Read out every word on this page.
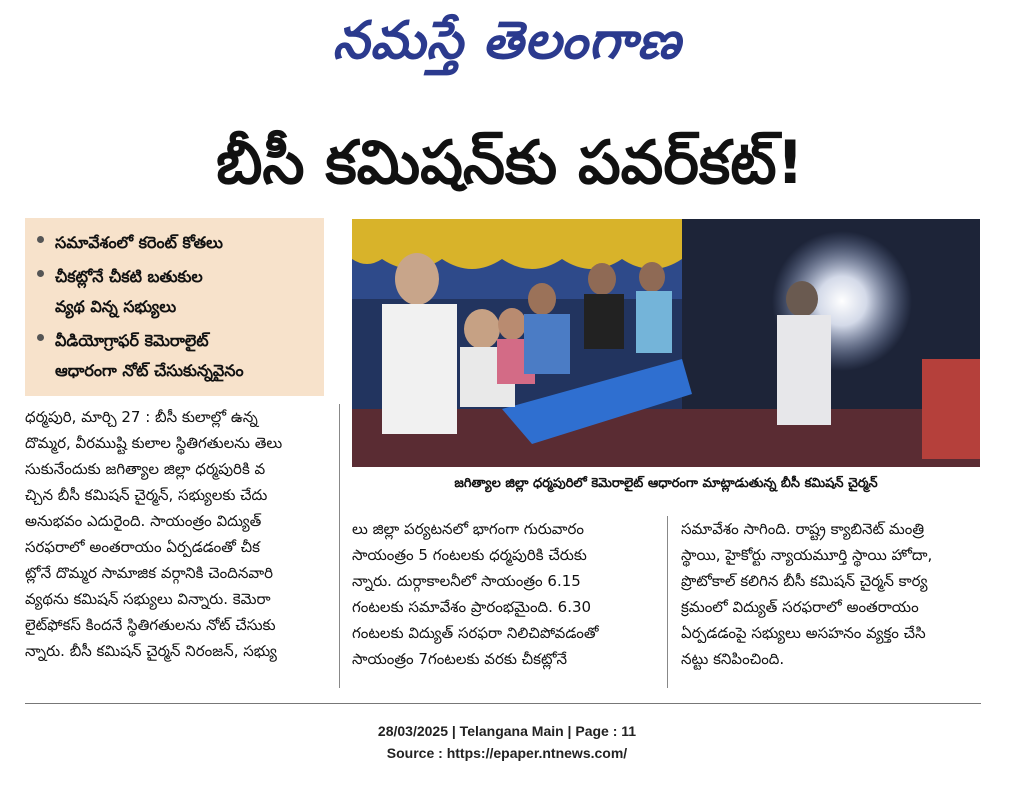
నమస్తే తెలంగాణ
బీసీ కమిషన్‌కు పవర్‌కట్‌!
సమావేశంలో కరెంట్‌ కోతలు
చీకట్లోనే చీకటి బతుకుల
వ్యథ విన్న సభ్యులు
వీడియోగ్రాఫర్‌ కెమెరాలైట్‌
ఆధారంగా నోట్‌ చేసుకున్నవైనం
జగిత్యాల జిల్లా ధర్మపురిలో కెమెరాలైట్‌ ఆధారంగా మాట్లాడుతున్న బీసీ కమిషన్‌ చైర్మన్‌
ధర్మపురి, మార్చి 27 : బీసీ కులాల్లో ఉన్న
దొమ్మర, వీరముష్టి కులాల స్థితిగతులను తెలు
సుకునేందుకు జగిత్యాల జిల్లా ధర్మపురికి వ
చ్చిన బీసీ కమిషన్‌ చైర్మన్‌, సభ్యులకు చేదు
అనుభవం ఎదురైంది. సాయంత్రం విద్యుత్‌
సరఫరాలో అంతరాయం ఏర్పడడంతో చీక
ట్లోనే దొమ్మర సామాజిక వర్గానికి చెందినవారి
వ్యథను కమిషన్‌ సభ్యులు విన్నారు. కెమెరా
లైట్‌ఫోకస్‌ కిందనే స్థితిగతులను నోట్‌ చేసుకు
న్నారు. బీసీ కమిషన్‌ చైర్మన్‌ నిరంజన్‌, సభ్యు
లు జిల్లా పర్యటనలో భాగంగా గురువారం
సాయంత్రం 5 గంటలకు ధర్మపురికి చేరుకు
న్నారు. దుర్గాకాలనీలో సాయంత్రం 6.15
గంటలకు సమావేశం ప్రారంభమైంది. 6.30
గంటలకు విద్యుత్‌ సరఫరా నిలిచిపోవడంతో
సాయంత్రం 7గంటలకు వరకు చీకట్లోనే
సమావేశం సాగింది. రాష్ట్ర క్యాబినెట్‌ మంత్రి
స్థాయి, హైకోర్టు న్యాయమూర్తి స్థాయి హోదా,
ప్రొటోకాల్‌ కలిగిన బీసీ కమిషన్‌ చైర్మన్‌ కార్య
క్రమంలో విద్యుత్‌ సరఫరాలో అంతరాయం
ఏర్పడడంపై సభ్యులు అసహనం వ్యక్తం చేసి
నట్టు కనిపించింది.
28/03/2025 | Telangana Main | Page : 11
Source : https://epaper.ntnews.com/
